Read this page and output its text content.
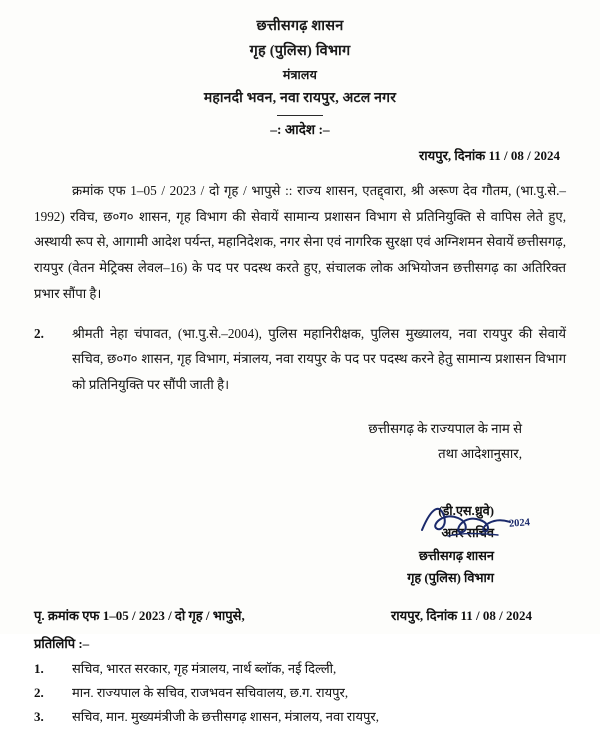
छत्तीसगढ़ शासन

गृह (पुलिस) विभाग

मंत्रालय

महानदी भवन, नवा रायपुर, अटल नगर

–: आदेश :–

रायपुर, दिनांक 11 / 08 / 2024

क्रमांक एफ 1–05 / 2023 / दो गृह / भापुसे :: राज्य शासन, एतद्द्वारा, श्री अरूण देव गौतम, (भा.पु.से.–1992) रविच, छ०ग० शासन, गृह विभाग की सेवायें सामान्य प्रशासन विभाग से प्रतिनियुक्ति से वापिस लेते हुए, अस्थायी रूप से, आगामी आदेश पर्यन्त, महानिदेशक, नगर सेना एवं नागरिक सुरक्षा एवं अग्निशमन सेवायें छत्तीसगढ़, रायपुर (वेतन मेट्रिक्स लेवल–16) के पद पर पदस्थ करते हुए, संचालक लोक अभियोजन छत्तीसगढ़ का अतिरिक्त प्रभार सौंपा है।

2. श्रीमती नेहा चंपावत, (भा.पु.से.–2004), पुलिस महानिरीक्षक, पुलिस मुख्यालय, नवा रायपुर की सेवायें सचिव, छ०ग० शासन, गृह विभाग, मंत्रालय, नवा रायपुर के पद पर पदस्थ करने हेतु सामान्य प्रशासन विभाग को प्रतिनियुक्ति पर सौंपी जाती है।

छत्तीसगढ़ के राज्यपाल के नाम से
तथा आदेशानुसार,
2024
(डी.एस.ध्रुवे)
अवर सचिव
छत्तीसगढ़ शासन
गृह (पुलिस) विभाग
पृ. क्रमांक एफ 1–05 / 2023 / दो गृह / भापुसे,	रायपुर, दिनांक 11 / 08 / 2024
प्रतिलिपि :–
1.	सचिव, भारत सरकार, गृह मंत्रालय, नार्थ ब्लॉक, नई दिल्ली,
2.	मान. राज्यपाल के सचिव, राजभवन सचिवालय, छ.ग. रायपुर,
3.	सचिव, मान. मुख्यमंत्रीजी के छत्तीसगढ़ शासन, मंत्रालय, नवा रायपुर,
